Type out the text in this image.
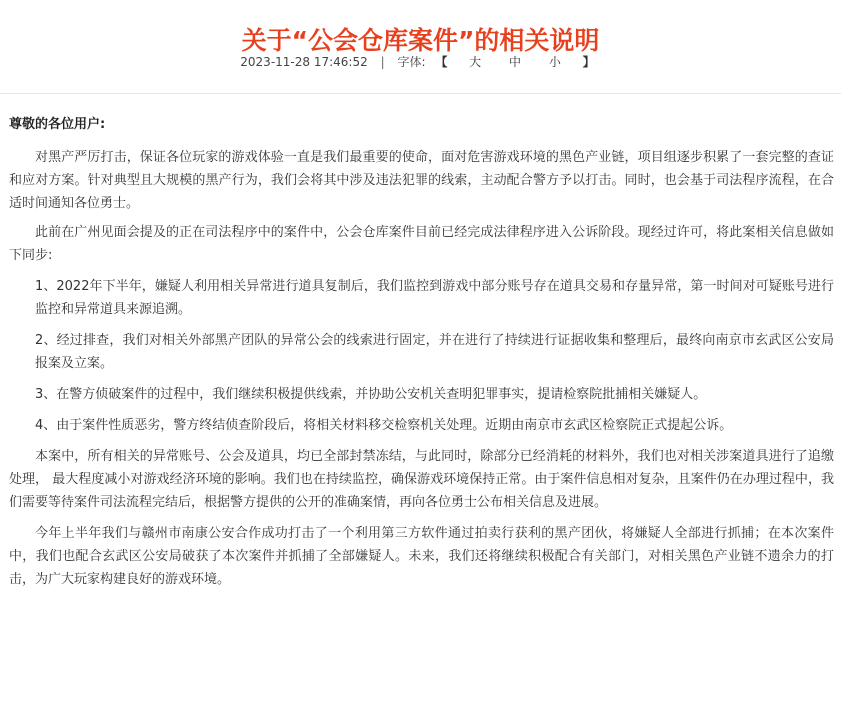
关于“公会仓库案件”的相关说明
2023-11-28 17:46:52 | 字体: 【 大 中 小 】

尊敬的各位用户:

对黑产严厉打击，保证各位玩家的游戏体验一直是我们最重要的使命，面对危害游戏环境的黑色产业链，项目组逐步积累了一套完整的查证和应对方案。针对典型且大规模的黑产行为，我们会将其中涉及违法犯罪的线索，主动配合警方予以打击。同时，也会基于司法程序流程，在合适时间通知各位勇士。

此前在广州见面会提及的正在司法程序中的案件中，公会仓库案件目前已经完成法律程序进入公诉阶段。现经过许可，将此案相关信息做如下同步:

1、2022年下半年，嫌疑人利用相关异常进行道具复制后，我们监控到游戏中部分账号存在道具交易和存量异常，第一时间对可疑账号进行监控和异常道具来源追溯。

2、经过排查，我们对相关外部黑产团队的异常公会的线索进行固定，并在进行了持续进行证据收集和整理后，最终向南京市玄武区公安局报案及立案。

3、在警方侦破案件的过程中，我们继续积极提供线索，并协助公安机关查明犯罪事实，提请检察院批捕相关嫌疑人。

4、由于案件性质恶劣，警方终结侦查阶段后，将相关材料移交检察机关处理。近期由南京市玄武区检察院正式提起公诉。

本案中，所有相关的异常账号、公会及道具，均已全部封禁冻结，与此同时，除部分已经消耗的材料外，我们也对相关涉案道具进行了追缴处理， 最大程度减小对游戏经济环境的影响。我们也在持续监控，确保游戏环境保持正常。由于案件信息相对复杂，且案件仍在办理过程中，我们需要等待案件司法流程完结后，根据警方提供的公开的准确案情，再向各位勇士公布相关信息及进展。

今年上半年我们与赣州市南康公安合作成功打击了一个利用第三方软件通过拍卖行获利的黑产团伙，将嫌疑人全部进行抓捕；在本次案件中，我们也配合玄武区公安局破获了本次案件并抓捕了全部嫌疑人。未来，我们还将继续积极配合有关部门，对相关黑色产业链不遗余力的打击，为广大玩家构建良好的游戏环境。
